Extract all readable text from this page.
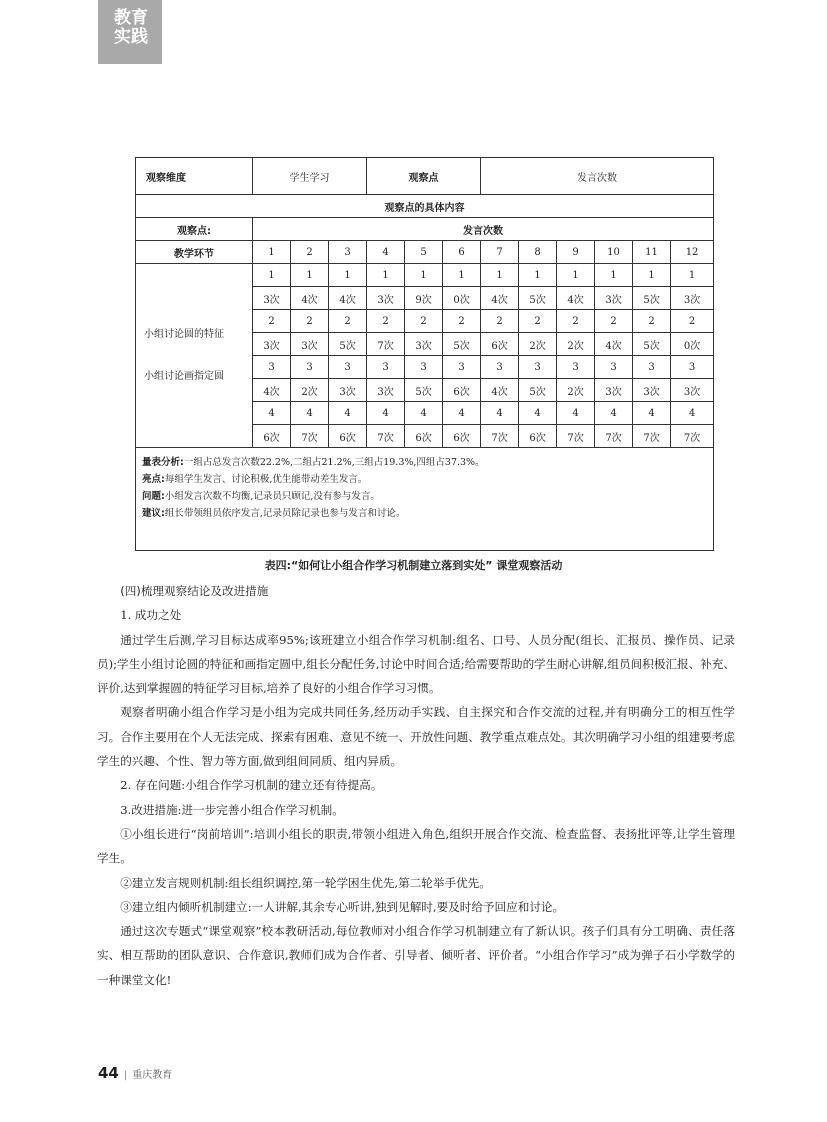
教育
实践
观察维度	学生学习			观察点			发言次数					
观察点的具体内容												
观察点:	发言次数											
教学环节	1	2	3	4	5	6	7	8	9	10	11	12

小组讨论圆的特征
小组讨论画指定圆	1	1	1	1	1	1	1	1	1	1	1	1
	3次	4次	4次	3次	9次	0次	4次	5次	4次	3次	5次	3次
	2	2	2	2	2	2	2	2	2	2	2	2
	3次	3次	5次	7次	3次	5次	6次	2次	2次	4次	5次	0次
	3	3	3	3	3	3	3	3	3	3	3	3
	4次	2次	3次	3次	5次	6次	4次	5次	2次	3次	3次	3次
	4	4	4	4	4	4	4	4	4	4	4	4
	6次	7次	6次	7次	6次	6次	7次	6次	7次	7次	7次	7次

量表分析:一组占总发言次数22.2%,二组占21.2%,三组占19.3%,四组占37.3%。
亮点:每组学生发言、讨论积极,优生能带动差生发言。
问题:小组发言次数不均衡,记录员只顾记,没有参与发言。
建议:组长带领组员依序发言,记录员除记录也参与发言和讨论。												
表四:“如何让小组合作学习机制建立落到实处” 课堂观察活动

(四)梳理观察结论及改进措施

1. 成功之处

通过学生后测,学习目标达成率95%;该班建立小组合作学习机制:组名、口号、人员分配(组长、汇报员、操作员、记录员);学生小组讨论圆的特征和画指定圆中,组长分配任务,讨论中时间合适;给需要帮助的学生耐心讲解,组员间积极汇报、补充、评价,达到掌握圆的特征学习目标,培养了良好的小组合作学习习惯。

观察者明确小组合作学习是小组为完成共同任务,经历动手实践、自主探究和合作交流的过程,并有明确分工的相互性学习。合作主要用在个人无法完成、探索有困难、意见不统一、开放性问题、教学重点难点处。其次明确学习小组的组建要考虑学生的兴趣、个性、智力等方面,做到组间同质、组内异质。

2. 存在问题:小组合作学习机制的建立还有待提高。

3.改进措施:进一步完善小组合作学习机制。

①小组长进行“岗前培训”:培训小组长的职责,带领小组进入角色,组织开展合作交流、检查监督、表扬批评等,让学生管理学生。

②建立发言规则机制:组长组织调控,第一轮学困生优先,第二轮举手优先。

③建立组内倾听机制建立:一人讲解,其余专心听讲,独到见解时,要及时给予回应和讨论。

通过这次专题式“课堂观察”校本教研活动,每位教师对小组合作学习机制建立有了新认识。孩子们具有分工明确、责任落实、相互帮助的团队意识、合作意识,教师们成为合作者、引导者、倾听者、评价者。“小组合作学习”成为弹子石小学数学的一种课堂文化!

44 | 重庆教育
